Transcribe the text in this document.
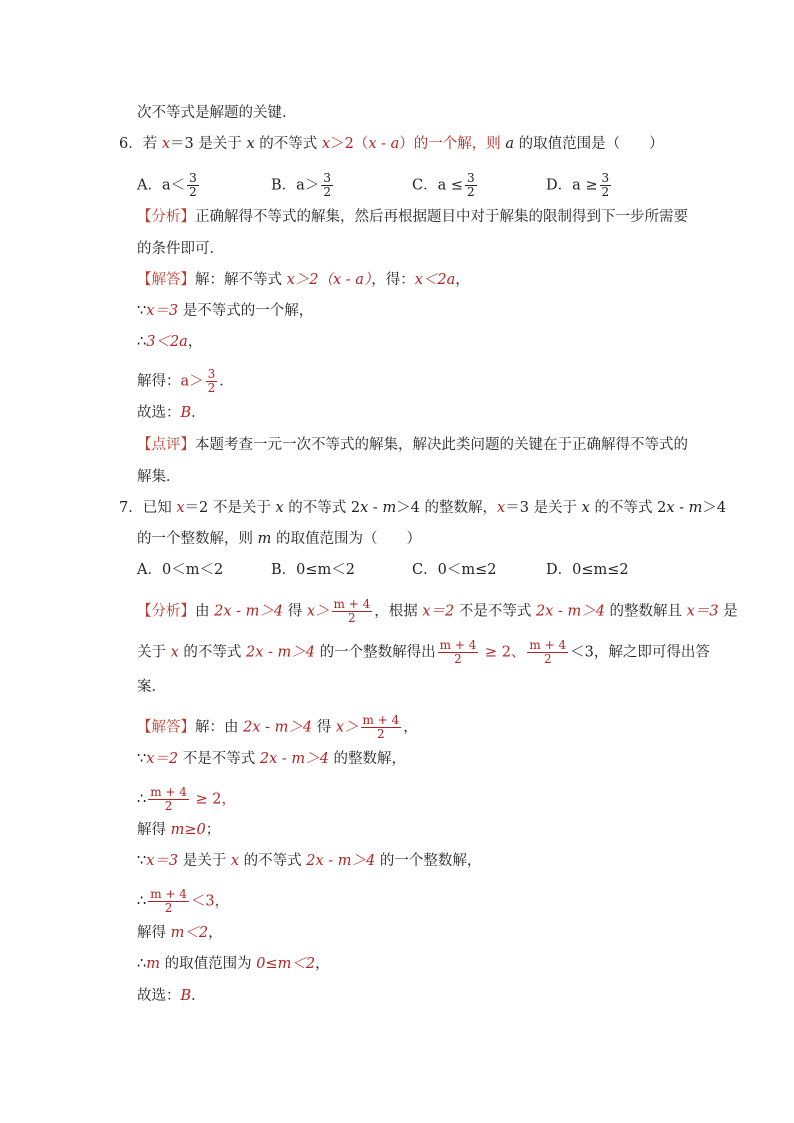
次不等式是解题的关键．
6．若 x＝3 是关于 x 的不等式 x＞2（x - a）的一个解，则 a 的取值范围是（　　）
A．$a< \frac{3}{2}$	B．$a> \frac{3}{2}$	C．$a \le \frac{3}{2}$	D．$a \ge \frac{3}{2}$
【分析】正确解得不等式的解集，然后再根据题目中对于解集的限制得到下一步所需要
的条件即可．
【解答】解：解不等式 x＞2（x - a），得：x＜2a，
∵x＝3 是不等式的一个解，
∴3＜2a，
解得：$a> \frac{3}{2}$ ．
故选：B．
【点评】本题考查一元一次不等式的解集，解决此类问题的关键在于正确解得不等式的
解集．
7．已知 x＝2 不是关于 x 的不等式 2x - m＞4 的整数解，x＝3 是关于 x 的不等式 2x - m＞4
的一个整数解，则 m 的取值范围为（　　）
A．0＜m＜2	B．0≤m＜2	C．0＜m≤2	D．0≤m≤2
【分析】由 2x - m＞4 得 $x> \frac{m + 4}{2}$ ，根据 x＝2 不是不等式 2x - m＞4 的整数解且 x＝3 是
关于 x 的不等式 2x - m＞4 的一个整数解得出 $\frac{m + 4}{2} \ge 2$、 $\frac{m + 4}{2} <3$，解之即可得出答
案．
【解答】解：由 2x - m＞4 得 $x> \frac{m + 4}{2}$ ，
∵x＝2 不是不等式 2x - m＞4 的整数解，
∴ $\frac{m + 4}{2} \ge 2$，
解得 m≥0；
∵x＝3 是关于 x 的不等式 2x - m＞4 的一个整数解，
∴ $\frac{m + 4}{2} <3$，
解得 m＜2，
∴m 的取值范围为 0≤m＜2，
故选：B．
